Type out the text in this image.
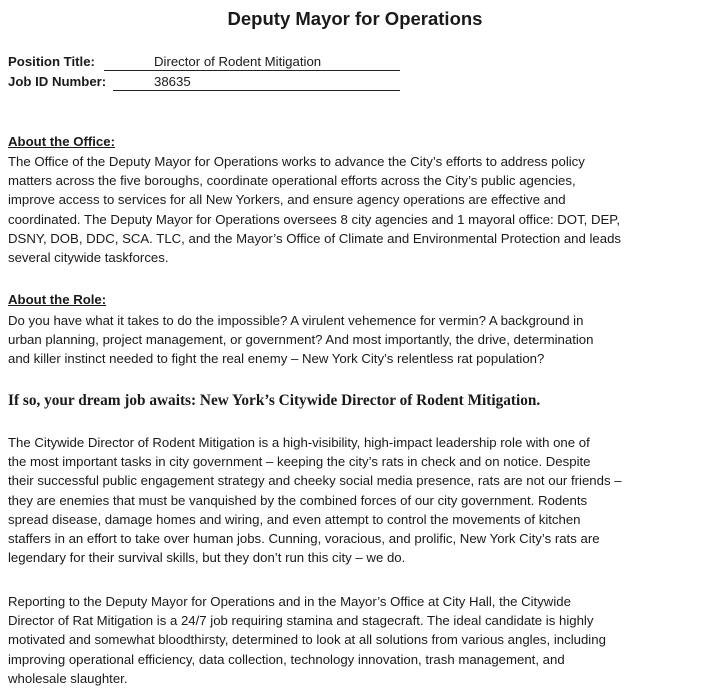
Deputy Mayor for Operations
Position Title:	Director of Rodent Mitigation
Job ID Number:	38635
About the Office:
The Office of the Deputy Mayor for Operations works to advance the City’s efforts to address policy
matters across the five boroughs, coordinate operational efforts across the City’s public agencies,
improve access to services for all New Yorkers, and ensure agency operations are effective and
coordinated. The Deputy Mayor for Operations oversees 8 city agencies and 1 mayoral office: DOT, DEP,
DSNY, DOB, DDC, SCA. TLC, and the Mayor’s Office of Climate and Environmental Protection and leads
several citywide taskforces.
About the Role:
Do you have what it takes to do the impossible? A virulent vehemence for vermin? A background in
urban planning, project management, or government? And most importantly, the drive, determination
and killer instinct needed to fight the real enemy – New York City’s relentless rat population?
If so, your dream job awaits: New York’s Citywide Director of Rodent Mitigation.
The Citywide Director of Rodent Mitigation is a high-visibility, high-impact leadership role with one of
the most important tasks in city government – keeping the city’s rats in check and on notice. Despite
their successful public engagement strategy and cheeky social media presence, rats are not our friends –
they are enemies that must be vanquished by the combined forces of our city government. Rodents
spread disease, damage homes and wiring, and even attempt to control the movements of kitchen
staffers in an effort to take over human jobs. Cunning, voracious, and prolific, New York City’s rats are
legendary for their survival skills, but they don’t run this city – we do.
Reporting to the Deputy Mayor for Operations and in the Mayor’s Office at City Hall, the Citywide
Director of Rat Mitigation is a 24/7 job requiring stamina and stagecraft. The ideal candidate is highly
motivated and somewhat bloodthirsty, determined to look at all solutions from various angles, including
improving operational efficiency, data collection, technology innovation, trash management, and
wholesale slaughter.
